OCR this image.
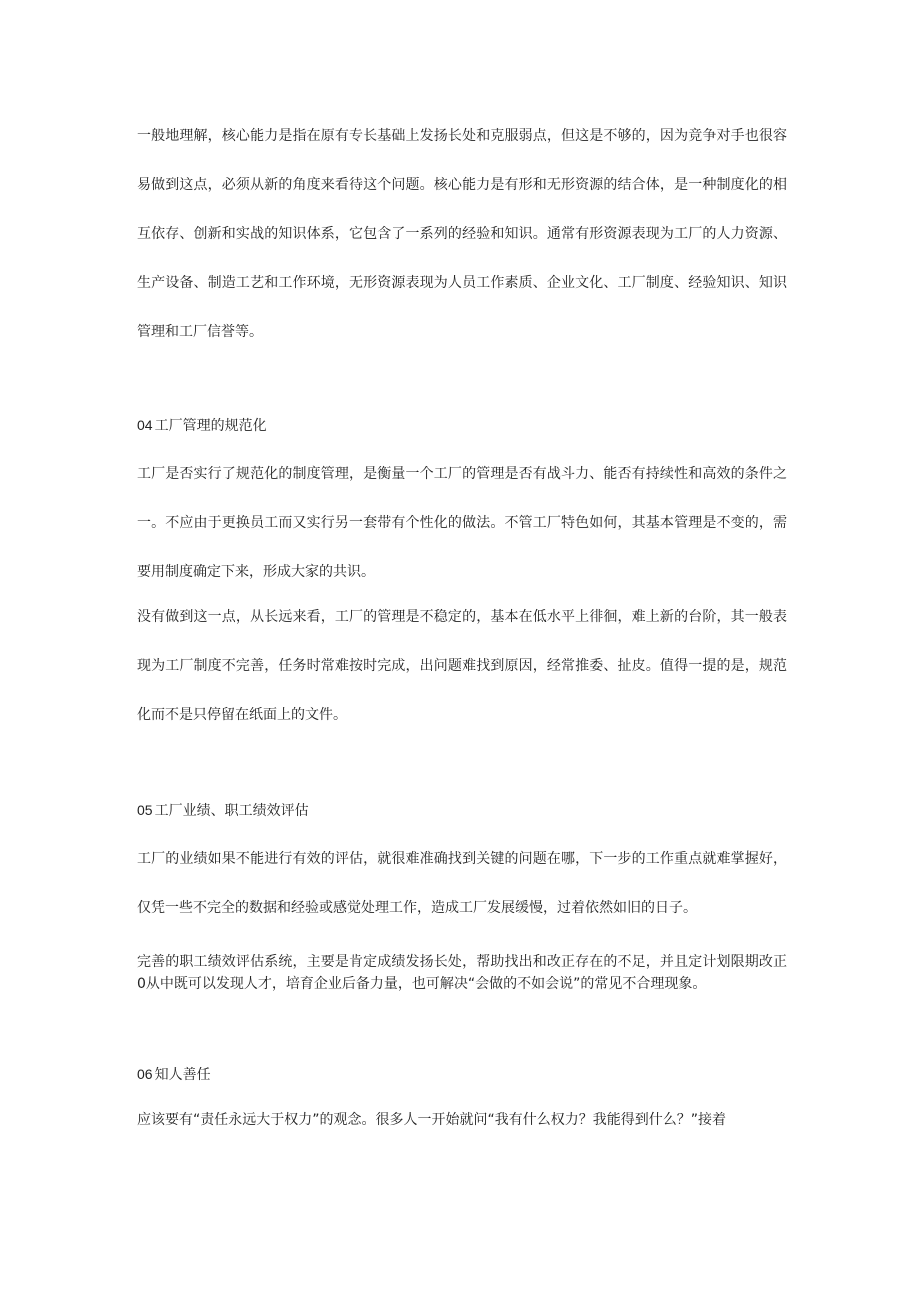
一般地理解，核心能力是指在原有专长基础上发扬长处和克服弱点，但这是不够的，因为竞争对手也很容易做到这点，必须从新的角度来看待这个问题。核心能力是有形和无形资源的结合体，是一种制度化的相互依存、创新和实战的知识体系，它包含了一系列的经验和知识。通常有形资源表现为工厂的人力资源、生产设备、制造工艺和工作环境，无形资源表现为人员工作素质、企业文化、工厂制度、经验知识、知识管理和工厂信誉等。

04 工厂管理的规范化

工厂是否实行了规范化的制度管理，是衡量一个工厂的管理是否有战斗力、能否有持续性和高效的条件之一。不应由于更换员工而又实行另一套带有个性化的做法。不管工厂特色如何，其基本管理是不变的，需要用制度确定下来，形成大家的共识。

没有做到这一点，从长远来看，工厂的管理是不稳定的，基本在低水平上徘徊，难上新的台阶，其一般表现为工厂制度不完善，任务时常难按时完成，出问题难找到原因，经常推委、扯皮。值得一提的是，规范化而不是只停留在纸面上的文件。

05 工厂业绩、职工绩效评估

工厂的业绩如果不能进行有效的评估，就很难准确找到关键的问题在哪，下一步的工作重点就难掌握好，仅凭一些不完全的数据和经验或感觉处理工作，造成工厂发展缓慢，过着依然如旧的日子。

完善的职工绩效评估系统，主要是肯定成绩发扬长处，帮助找出和改正存在的不足，并且定计划限期改正0从中既可以发现人才，培育企业后备力量，也可解决“会做的不如会说”的常见不合理现象。

06 知人善任

应该要有“责任永远大于权力”的观念。很多人一开始就问“我有什么权力？我能得到什么？”接着
